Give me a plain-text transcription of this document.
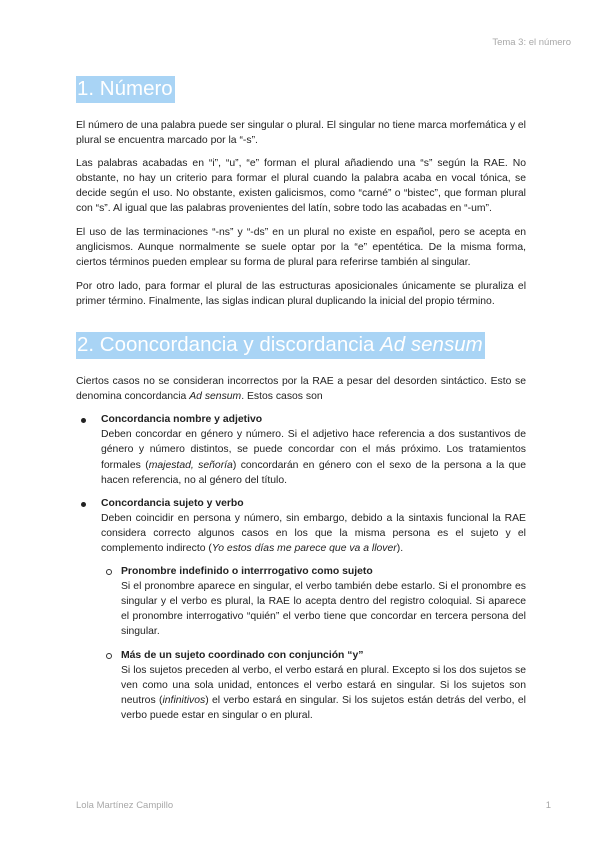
Tema 3: el número
1. Número

El número de una palabra puede ser singular o plural. El singular no tiene marca morfemática y el plural se encuentra marcado por la “-s”.

Las palabras acabadas en “i”, “u”, “e” forman el plural añadiendo una “s” según la RAE. No obstante, no hay un criterio para formar el plural cuando la palabra acaba en vocal tónica, se decide según el uso. No obstante, existen galicismos, como “carné” o “bistec”, que forman plural con “s”. Al igual que las palabras provenientes del latín, sobre todo las acabadas en “-um”.

El uso de las terminaciones “-ns” y “-ds” en un plural no existe en español, pero se acepta en anglicismos. Aunque normalmente se suele optar por la “e” epentética. De la misma forma, ciertos términos pueden emplear su forma de plural para referirse también al singular.

Por otro lado, para formar el plural de las estructuras aposicionales únicamente se pluraliza el primer término. Finalmente, las siglas indican plural duplicando la inicial del propio término.

2. Cooncordancia y discordancia Ad sensum

Ciertos casos no se consideran incorrectos por la RAE a pesar del desorden sintáctico. Esto se denomina concordancia Ad sensum. Estos casos son

Concordancia nombre y adjetivo
Deben concordar en género y número. Si el adjetivo hace referencia a dos sustantivos de género y número distintos, se puede concordar con el más próximo. Los tratamientos formales (majestad, señoría) concordarán en género con el sexo de la persona a la que hacen referencia, no al género del título.
Concordancia sujeto y verbo
Deben coincidir en persona y número, sin embargo, debido a la sintaxis funcional la RAE considera correcto algunos casos en los que la misma persona es el sujeto y el complemento indirecto (Yo estos días me parece que va a llover).
Pronombre indefinido o interrrogativo como sujeto
Si el pronombre aparece en singular, el verbo también debe estarlo. Si el pronombre es singular y el verbo es plural, la RAE lo acepta dentro del registro coloquial. Si aparece el pronombre interrogativo “quién” el verbo tiene que concordar en tercera persona del singular.
Más de un sujeto coordinado con conjunción “y”
Si los sujetos preceden al verbo, el verbo estará en plural. Excepto si los dos sujetos se ven como una sola unidad, entonces el verbo estará en singular. Si los sujetos son neutros (infinitivos) el verbo estará en singular. Si los sujetos están detrás del verbo, el verbo puede estar en singular o en plural.
Lola Martínez Campillo	1
